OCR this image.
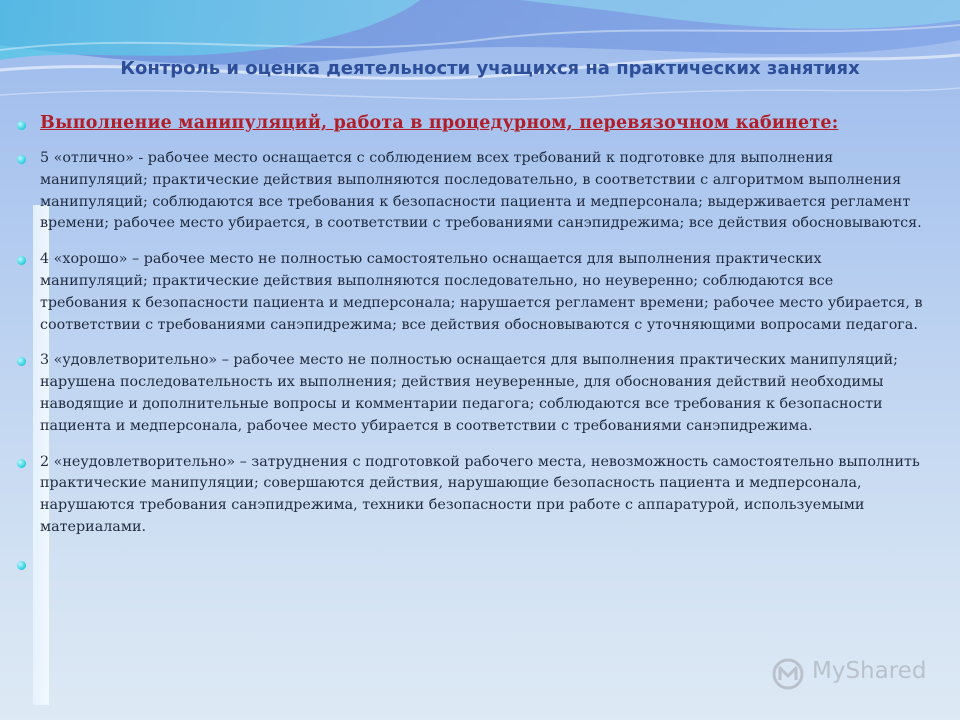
Контроль и оценка деятельности учащихся на практических занятиях
Выполнение манипуляций, работа в процедурном, перевязочном кабинете:
5 «отлично» - рабочее место оснащается с соблюдением всех требований к подготовке для выполнения манипуляций; практические действия выполняются последовательно, в соответствии с алгоритмом выполнения манипуляций; соблюдаются все требования к безопасности пациента и медперсонала; выдерживается регламент времени; рабочее место убирается, в соответствии с требованиями санэпидрежима; все действия обосновываются.
4 «хорошо» – рабочее место не полностью самостоятельно оснащается для выполнения практических манипуляций; практические действия выполняются последовательно, но неуверенно; соблюдаются все требования к безопасности пациента и медперсонала; нарушается регламент времени; рабочее место убирается, в соответствии с требованиями санэпидрежима; все действия обосновываются с уточняющими вопросами педагога.
3 «удовлетворительно» – рабочее место не полностью оснащается для выполнения практических манипуляций; нарушена последовательность их выполнения; действия неуверенные, для обоснования действий необходимы наводящие и дополнительные вопросы и комментарии педагога; соблюдаются все требования к безопасности пациента и медперсонала, рабочее место убирается в соответствии с требованиями санэпидрежима.
2 «неудовлетворительно» – затруднения с подготовкой рабочего места, невозможность самостоятельно выполнить практические манипуляции; совершаются действия, нарушающие безопасность пациента и медперсонала, нарушаются требования санэпидрежима, техники безопасности при работе с аппаратурой, используемыми материалами.
MyShared
